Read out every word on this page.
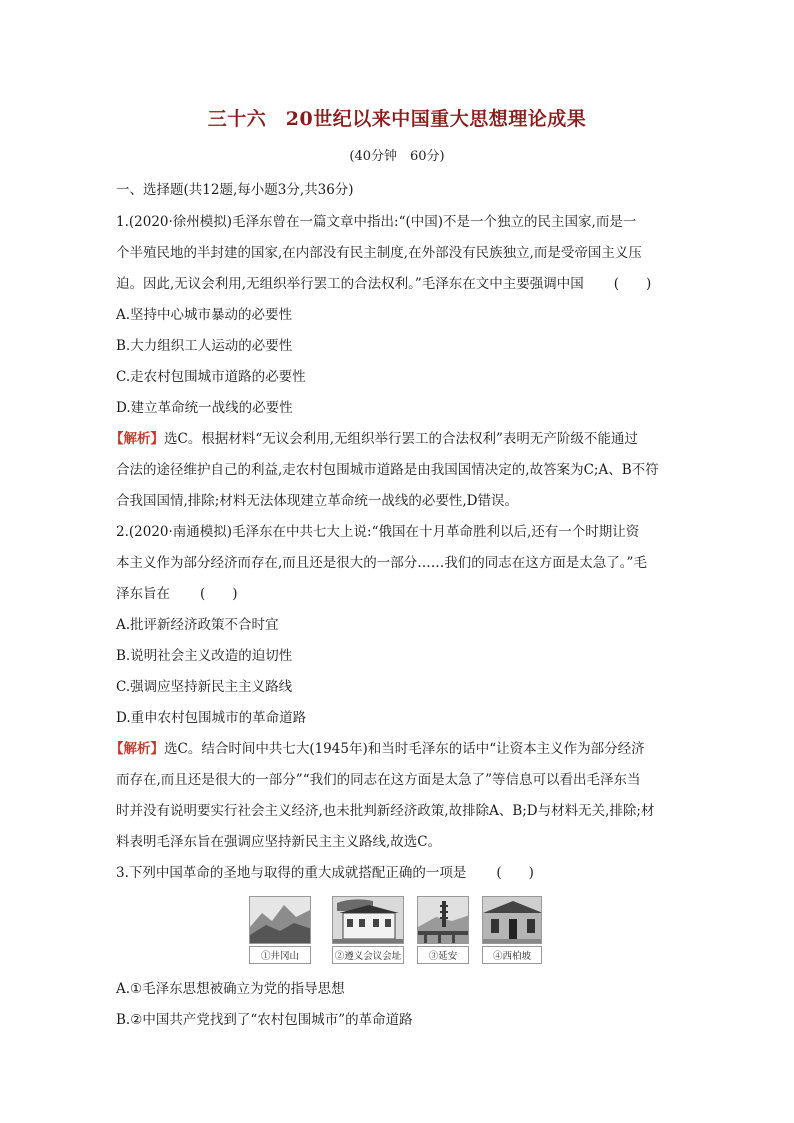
三十六　20世纪以来中国重大思想理论成果
(40分钟　60分)
一、选择题(共12题,每小题3分,共36分)
1.(2020·徐州模拟)毛泽东曾在一篇文章中指出:“(中国)不是一个独立的民主国家,而是一
个半殖民地的半封建的国家,在内部没有民主制度,在外部没有民族独立,而是受帝国主义压
迫。因此,无议会利用,无组织举行罢工的合法权利。”毛泽东在文中主要强调中国 (　　)
A.坚持中心城市暴动的必要性
B.大力组织工人运动的必要性
C.走农村包围城市道路的必要性
D.建立革命统一战线的必要性
【解析】选C。根据材料“无议会利用,无组织举行罢工的合法权利”表明无产阶级不能通过
合法的途径维护自己的利益,走农村包围城市道路是由我国国情决定的,故答案为C;A、B不符
合我国国情,排除;材料无法体现建立革命统一战线的必要性,D错误。
2.(2020·南通模拟)毛泽东在中共七大上说:“俄国在十月革命胜利以后,还有一个时期让资
本主义作为部分经济而存在,而且还是很大的一部分……我们的同志在这方面是太急了。”毛
泽东旨在 (　　)
A.批评新经济政策不合时宜
B.说明社会主义改造的迫切性
C.强调应坚持新民主主义路线
D.重申农村包围城市的革命道路
【解析】选C。结合时间中共七大(1945年)和当时毛泽东的话中“让资本主义作为部分经济
而存在,而且还是很大的一部分”“我们的同志在这方面是太急了”等信息可以看出毛泽东当
时并没有说明要实行社会主义经济,也未批判新经济政策,故排除A、B;D与材料无关,排除;材
料表明毛泽东旨在强调应坚持新民主主义路线,故选C。
3.下列中国革命的圣地与取得的重大成就搭配正确的一项是 (　　)
①井冈山	②遵义会议会址	③延安	④西柏坡
A.①毛泽东思想被确立为党的指导思想
B.②中国共产党找到了“农村包围城市”的革命道路
